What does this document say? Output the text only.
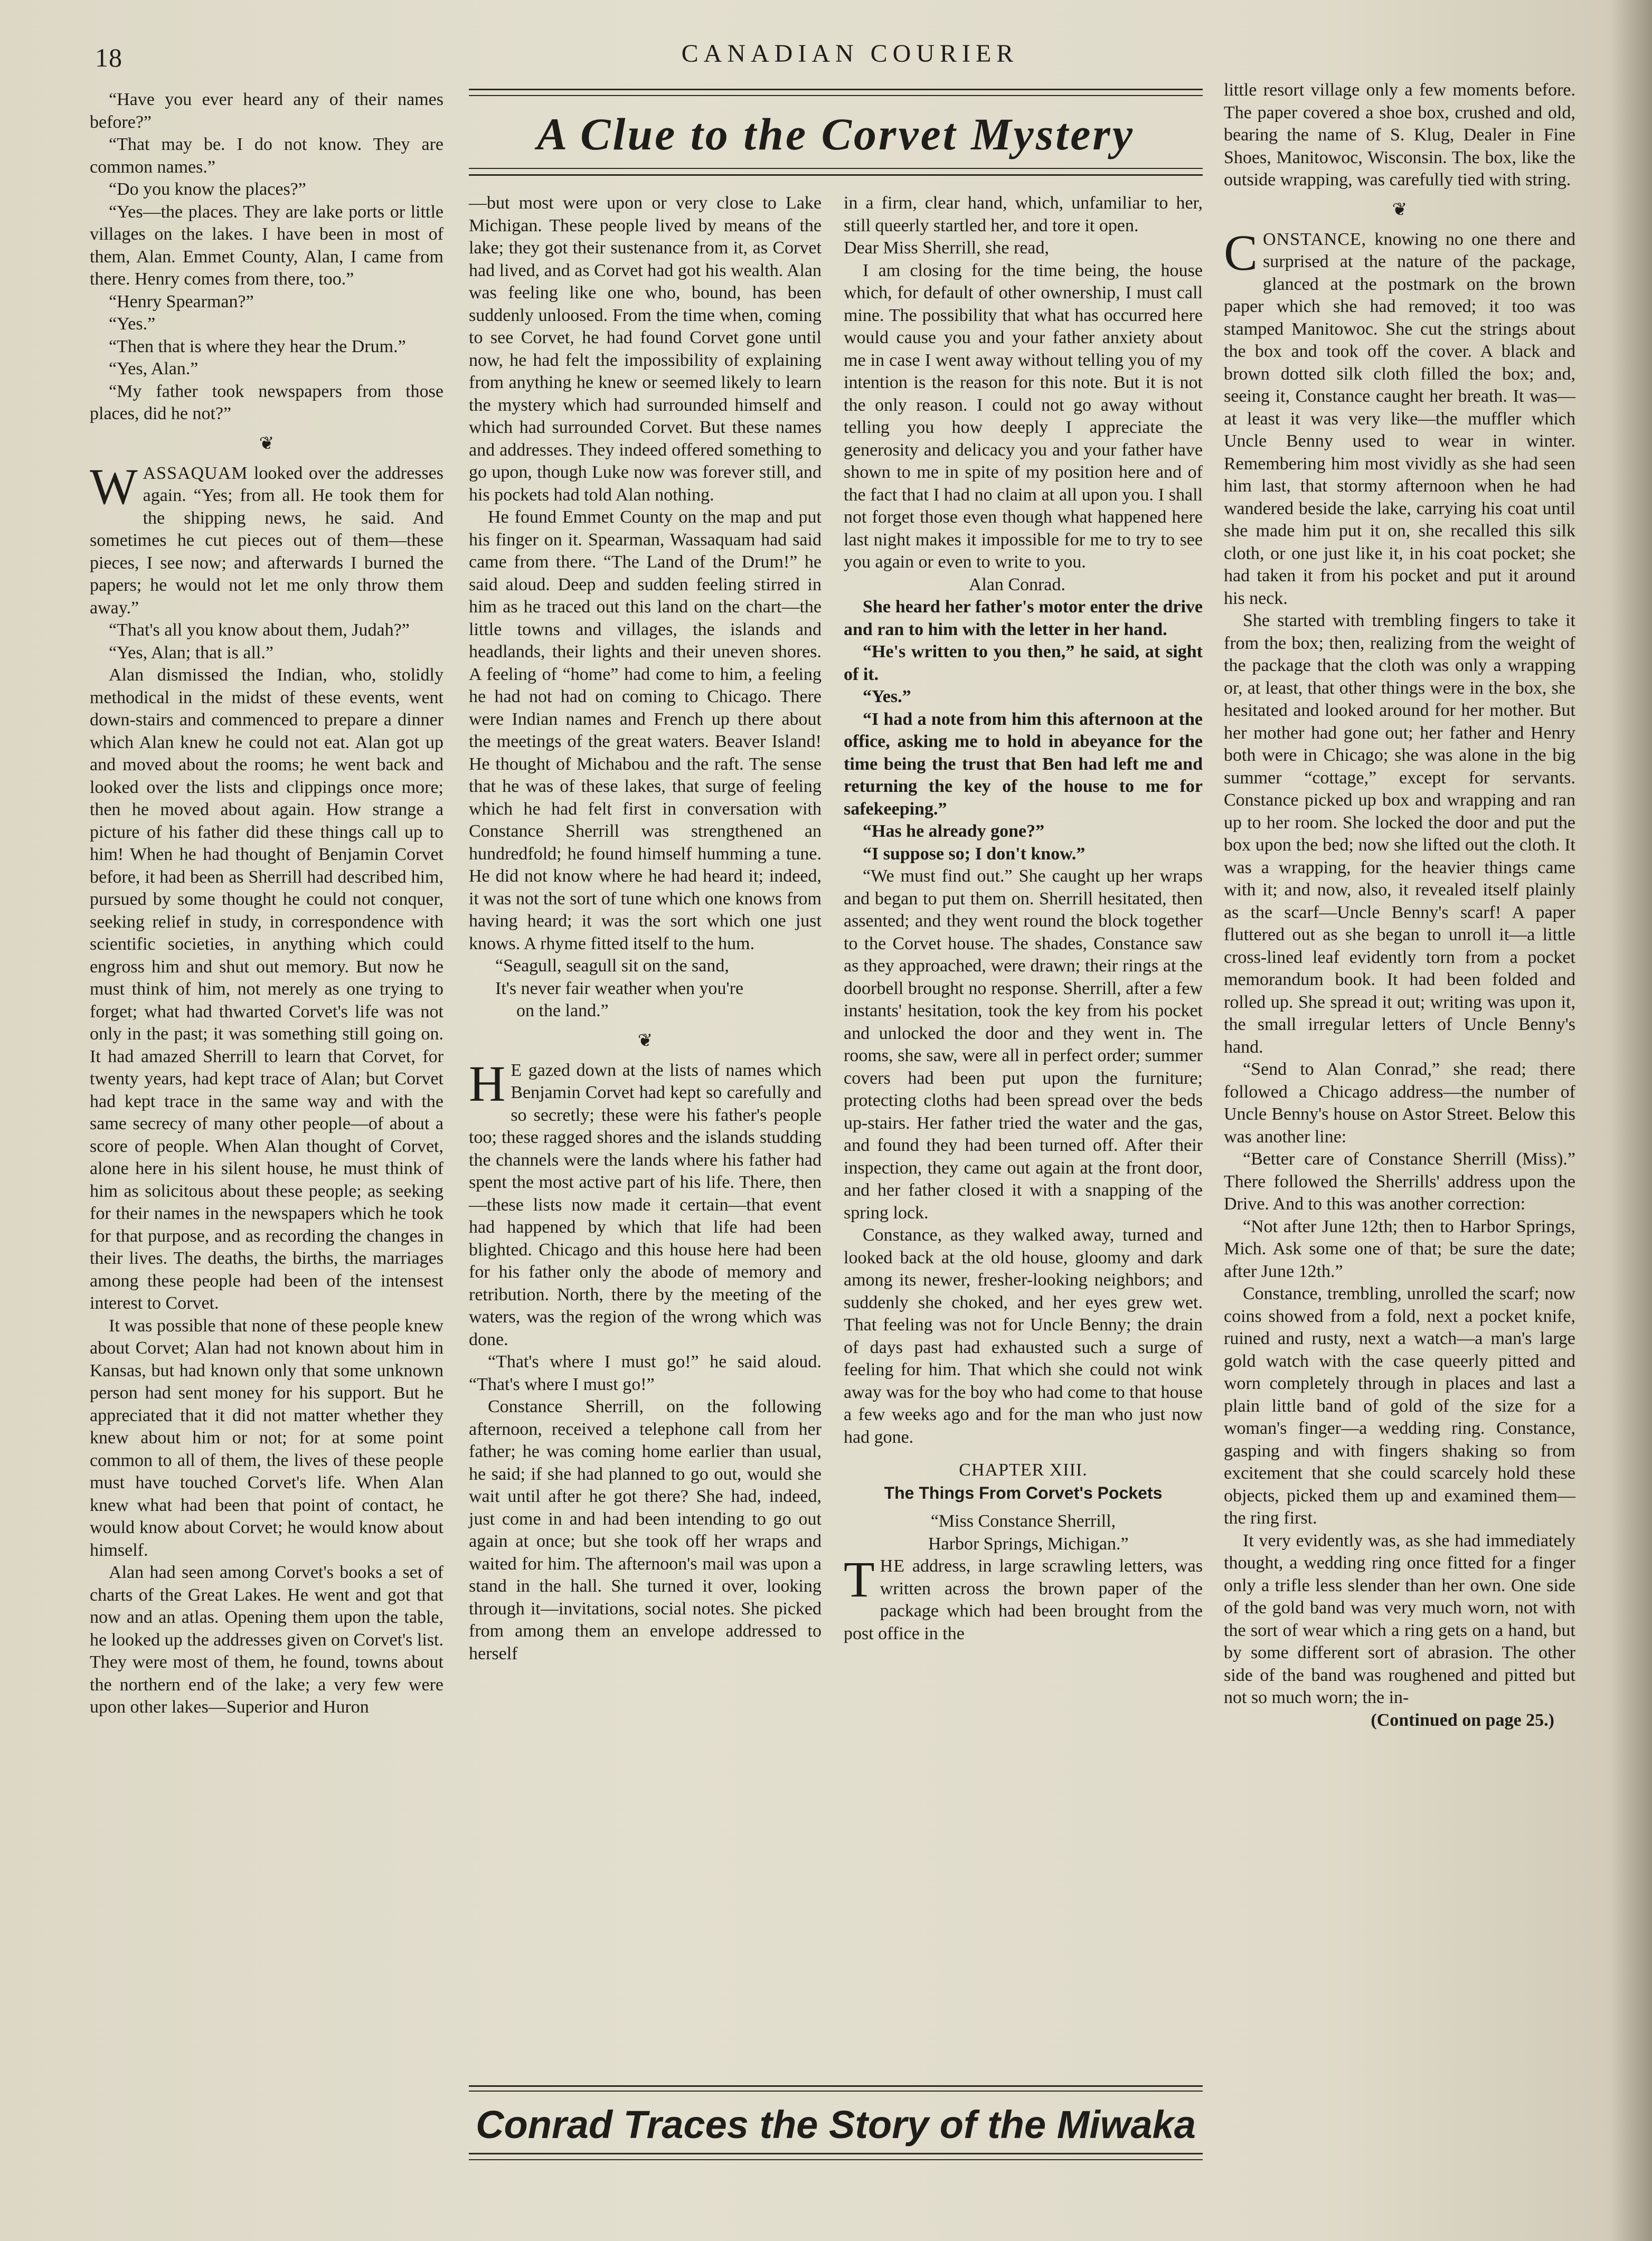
18	CANADIAN COURIER
A Clue to the Corvet Mystery

“Have you ever heard any of their names before?”

“That may be. I do not know. They are common names.”

“Do you know the places?”

“Yes—the places. They are lake ports or little villages on the lakes. I have been in most of them, Alan. Emmet County, Alan, I came from there. Henry comes from there, too.”

“Henry Spearman?”

“Yes.”

“Then that is where they hear the Drum.”

“Yes, Alan.”

“My father took newspapers from those places, did he not?”

❦

WASSAQUAM looked over the addresses again. “Yes; from all. He took them for the shipping news, he said. And sometimes he cut pieces out of them—these pieces, I see now; and afterwards I burned the papers; he would not let me only throw them away.”

“That's all you know about them, Judah?”

“Yes, Alan; that is all.”

Alan dismissed the Indian, who, stolidly methodical in the midst of these events, went down-stairs and commenced to prepare a dinner which Alan knew he could not eat. Alan got up and moved about the rooms; he went back and looked over the lists and clippings once more; then he moved about again. How strange a picture of his father did these things call up to him! When he had thought of Benjamin Corvet before, it had been as Sherrill had described him, pursued by some thought he could not conquer, seeking relief in study, in correspondence with scientific societies, in anything which could engross him and shut out memory. But now he must think of him, not merely as one trying to forget; what had thwarted Corvet's life was not only in the past; it was something still going on. It had amazed Sherrill to learn that Corvet, for twenty years, had kept trace of Alan; but Corvet had kept trace in the same way and with the same secrecy of many other people—of about a score of people. When Alan thought of Corvet, alone here in his silent house, he must think of him as solicitous about these people; as seeking for their names in the newspapers which he took for that purpose, and as recording the changes in their lives. The deaths, the births, the marriages among these people had been of the intensest interest to Corvet.

It was possible that none of these people knew about Corvet; Alan had not known about him in Kansas, but had known only that some unknown person had sent money for his support. But he appreciated that it did not matter whether they knew about him or not; for at some point common to all of them, the lives of these people must have touched Corvet's life. When Alan knew what had been that point of contact, he would know about Corvet; he would know about himself.

Alan had seen among Corvet's books a set of charts of the Great Lakes. He went and got that now and an atlas. Opening them upon the table, he looked up the addresses given on Corvet's list. They were most of them, he found, towns about the northern end of the lake; a very few were upon other lakes—Superior and Huron

—but most were upon or very close to Lake Michigan. These people lived by means of the lake; they got their sustenance from it, as Corvet had lived, and as Corvet had got his wealth. Alan was feeling like one who, bound, has been suddenly unloosed. From the time when, coming to see Corvet, he had found Corvet gone until now, he had felt the impossibility of explaining from anything he knew or seemed likely to learn the mystery which had surrounded himself and which had surrounded Corvet. But these names and addresses. They indeed offered something to go upon, though Luke now was forever still, and his pockets had told Alan nothing.

He found Emmet County on the map and put his finger on it. Spearman, Wassaquam had said came from there. “The Land of the Drum!” he said aloud. Deep and sudden feeling stirred in him as he traced out this land on the chart—the little towns and villages, the islands and headlands, their lights and their uneven shores. A feeling of “home” had come to him, a feeling he had not had on coming to Chicago. There were Indian names and French up there about the meetings of the great waters. Beaver Island! He thought of Michabou and the raft. The sense that he was of these lakes, that surge of feeling which he had felt first in conversation with Constance Sherrill was strengthened an hundredfold; he found himself humming a tune. He did not know where he had heard it; indeed, it was not the sort of tune which one knows from having heard; it was the sort which one just knows. A rhyme fitted itself to the hum.

“Seagull, seagull sit on the sand,

It's never fair weather when you're

on the land.”

❦

H E gazed down at the lists of names which Benjamin Corvet had kept so carefully and so secretly; these were his father's people too; these ragged shores and the islands studding the channels were the lands where his father had spent the most active part of his life. There, then—these lists now made it certain—that event had happened by which that life had been blighted. Chicago and this house here had been for his father only the abode of memory and retribution. North, there by the meeting of the waters, was the region of the wrong which was done.

“That's where I must go!” he said aloud. “That's where I must go!”

Constance Sherrill, on the following afternoon, received a telephone call from her father; he was coming home earlier than usual, he said; if she had planned to go out, would she wait until after he got there? She had, indeed, just come in and had been intending to go out again at once; but she took off her wraps and waited for him. The afternoon's mail was upon a stand in the hall. She turned it over, looking through it—invitations, social notes. She picked from among them an envelope addressed to herself

in a firm, clear hand, which, unfamiliar to her, still queerly startled her, and tore it open.

Dear Miss Sherrill, she read,

I am closing for the time being, the house which, for default of other ownership, I must call mine. The possibility that what has occurred here would cause you and your father anxiety about me in case I went away without telling you of my intention is the reason for this note. But it is not the only reason. I could not go away without telling you how deeply I appreciate the generosity and delicacy you and your father have shown to me in spite of my position here and of the fact that I had no claim at all upon you. I shall not forget those even though what happened here last night makes it impossible for me to try to see you again or even to write to you.

Alan Conrad.

She heard her father's motor enter the drive and ran to him with the letter in her hand.

“He's written to you then,” he said, at sight of it.

“Yes.”

“I had a note from him this afternoon at the office, asking me to hold in abeyance for the time being the trust that Ben had left me and returning the key of the house to me for safekeeping.”

“Has he already gone?”

“I suppose so; I don't know.”

“We must find out.” She caught up her wraps and began to put them on. Sherrill hesitated, then assented; and they went round the block together to the Corvet house. The shades, Constance saw as they approached, were drawn; their rings at the doorbell brought no response. Sherrill, after a few instants' hesitation, took the key from his pocket and unlocked the door and they went in. The rooms, she saw, were all in perfect order; summer covers had been put upon the furniture; protecting cloths had been spread over the beds up-stairs. Her father tried the water and the gas, and found they had been turned off. After their inspection, they came out again at the front door, and her father closed it with a snapping of the spring lock.

Constance, as they walked away, turned and looked back at the old house, gloomy and dark among its newer, fresher-looking neighbors; and suddenly she choked, and her eyes grew wet. That feeling was not for Uncle Benny; the drain of days past had exhausted such a surge of feeling for him. That which she could not wink away was for the boy who had come to that house a few weeks ago and for the man who just now had gone.

CHAPTER XIII.

The Things From Corvet's Pockets

“Miss Constance Sherrill,

Harbor Springs, Michigan.”

THE address, in large scrawling letters, was written across the brown paper of the package which had been brought from the post office in the

little resort village only a few moments before. The paper covered a shoe box, crushed and old, bearing the name of S. Klug, Dealer in Fine Shoes, Manitowoc, Wisconsin. The box, like the outside wrapping, was carefully tied with string.

❦

CONSTANCE, knowing no one there and surprised at the nature of the package, glanced at the postmark on the brown paper which she had removed; it too was stamped Manitowoc. She cut the strings about the box and took off the cover. A black and brown dotted silk cloth filled the box; and, seeing it, Constance caught her breath. It was—at least it was very like—the muffler which Uncle Benny used to wear in winter. Remembering him most vividly as she had seen him last, that stormy afternoon when he had wandered beside the lake, carrying his coat until she made him put it on, she recalled this silk cloth, or one just like it, in his coat pocket; she had taken it from his pocket and put it around his neck.

She started with trembling fingers to take it from the box; then, realizing from the weight of the package that the cloth was only a wrapping or, at least, that other things were in the box, she hesitated and looked around for her mother. But her mother had gone out; her father and Henry both were in Chicago; she was alone in the big summer “cottage,” except for servants. Constance picked up box and wrapping and ran up to her room. She locked the door and put the box upon the bed; now she lifted out the cloth. It was a wrapping, for the heavier things came with it; and now, also, it revealed itself plainly as the scarf—Uncle Benny's scarf! A paper fluttered out as she began to unroll it—a little cross-lined leaf evidently torn from a pocket memorandum book. It had been folded and rolled up. She spread it out; writing was upon it, the small irregular letters of Uncle Benny's hand.

“Send to Alan Conrad,” she read; there followed a Chicago address—the number of Uncle Benny's house on Astor Street. Below this was another line:

“Better care of Constance Sherrill (Miss).” There followed the Sherrills' address upon the Drive. And to this was another correction:

“Not after June 12th; then to Harbor Springs, Mich. Ask some one of that; be sure the date; after June 12th.”

Constance, trembling, unrolled the scarf; now coins showed from a fold, next a pocket knife, ruined and rusty, next a watch—a man's large gold watch with the case queerly pitted and worn completely through in places and last a plain little band of gold of the size for a woman's finger—a wedding ring. Constance, gasping and with fingers shaking so from excitement that she could scarcely hold these objects, picked them up and examined them—the ring first.

It very evidently was, as she had immediately thought, a wedding ring once fitted for a finger only a trifle less slender than her own. One side of the gold band was very much worn, not with the sort of wear which a ring gets on a hand, but by some different sort of abrasion. The other side of the band was roughened and pitted but not so much worn; the in-

(Continued on page 25.)

Conrad Traces the Story of the Miwaka
